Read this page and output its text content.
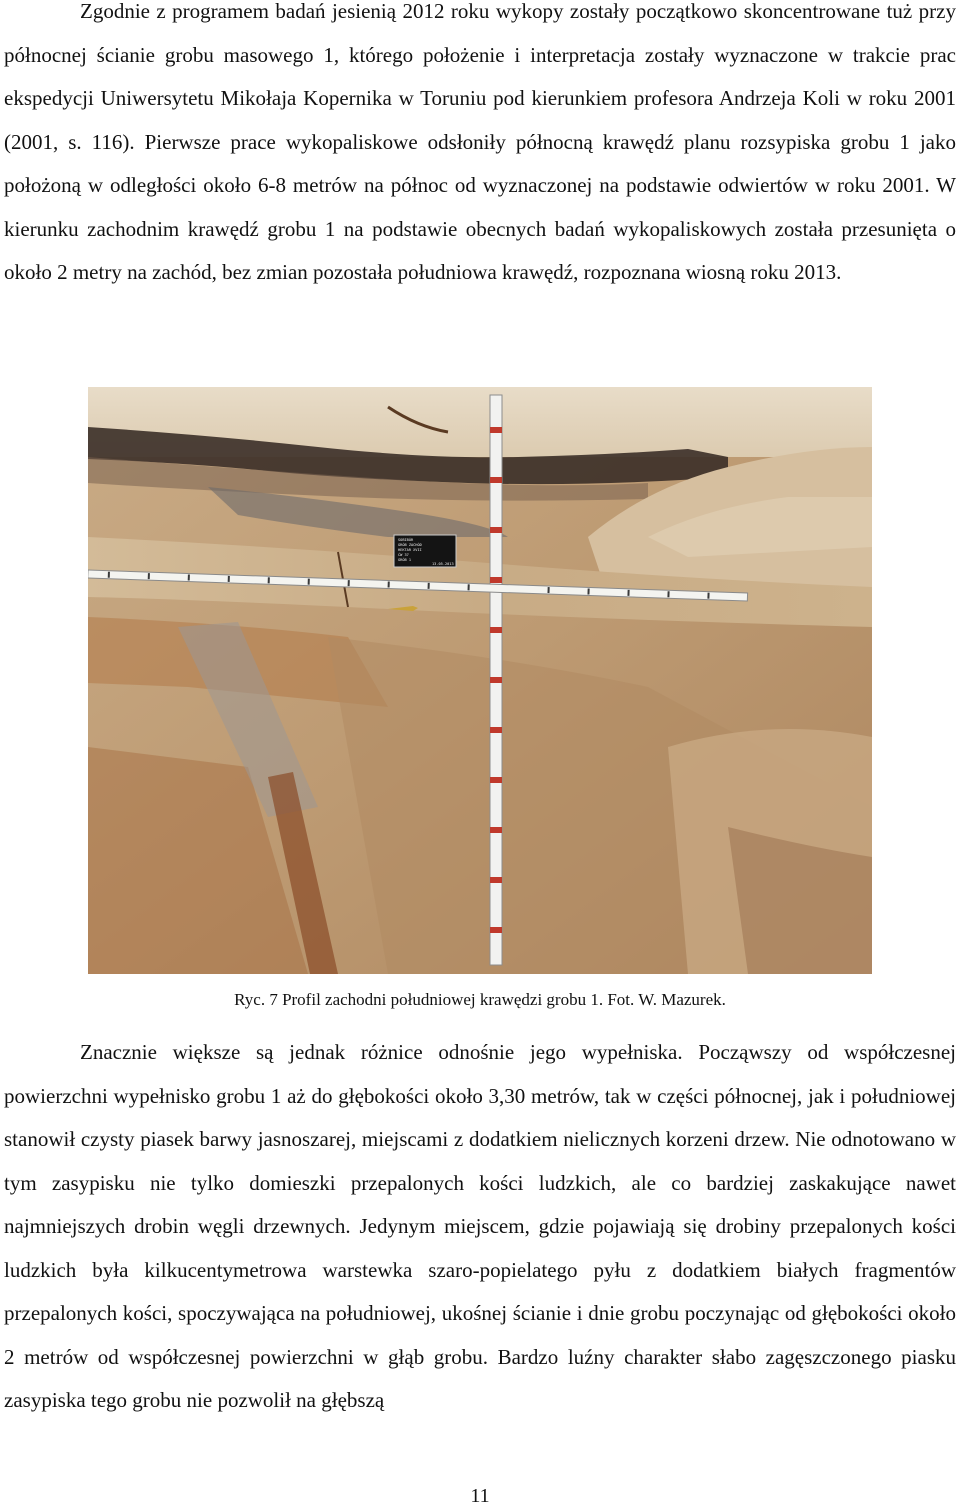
Zgodnie z programem badań jesienią 2012 roku wykopy zostały początkowo skoncentrowane tuż przy północnej ścianie grobu masowego 1, którego położenie i interpretacja zostały wyznaczone w trakcie prac ekspedycji Uniwersytetu Mikołaja Kopernika w Toruniu pod kierunkiem profesora Andrzeja Koli w roku 2001 (2001, s. 116). Pierwsze prace wykopaliskowe odsłoniły północną krawędź planu rozsypiska grobu 1 jako położoną w odległości około 6-8 metrów na północ od wyznaczonej na podstawie odwiertów w roku 2001. W kierunku zachodnim krawędź grobu 1 na podstawie obecnych badań wykopaliskowych została przesunięta o około 2 metry na zachód, bez zmian pozostała południowa krawędź, rozpoznana wiosną roku 2013.

SOBIBÓR
GRÓB ZACHÓD
HEKTAR XVII
ĆW 37
GRÓB 1
13.05.2013
Ryc. 7 Profil zachodni południowej krawędzi grobu 1. Fot. W. Mazurek.

Znacznie większe są jednak różnice odnośnie jego wypełniska. Począwszy od współczesnej powierzchni wypełnisko grobu 1 aż do głębokości około 3,30 metrów, tak w części północnej, jak i południowej stanowił czysty piasek barwy jasnoszarej, miejscami z dodatkiem nielicznych korzeni drzew. Nie odnotowano w tym zasypisku nie tylko domieszki przepalonych kości ludzkich, ale co bardziej zaskakujące nawet najmniejszych drobin węgli drzewnych. Jedynym miejscem, gdzie pojawiają się drobiny przepalonych kości ludzkich była kilkucentymetrowa warstewka szaro-popielatego pyłu z dodatkiem białych fragmentów przepalonych kości, spoczywająca na południowej, ukośnej ścianie i dnie grobu poczynając od głębokości około 2 metrów od współczesnej powierzchni w głąb grobu. Bardzo luźny charakter słabo zagęszczonego piasku zasypiska tego grobu nie pozwolił na głębszą

11
